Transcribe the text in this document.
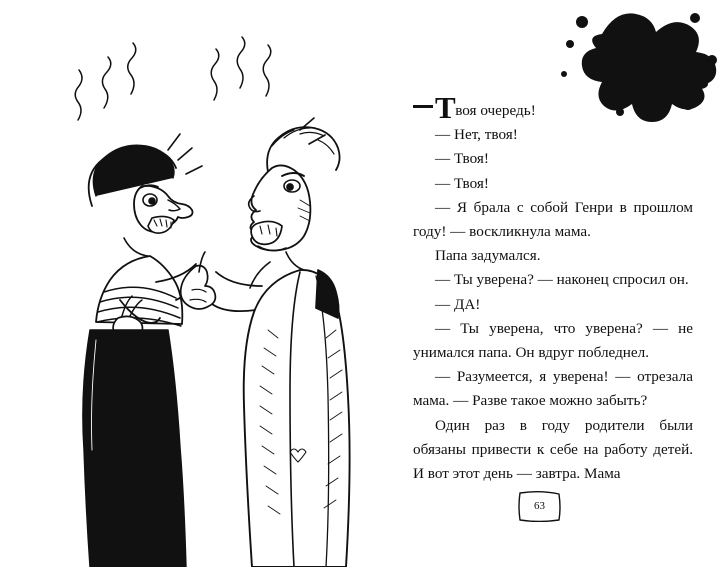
Твоя очередь!

— Нет, твоя!

— Твоя!

— Твоя!

— Я брала с собой Генри в прошлом году! — воскликнула мама.

Папа задумался.

— Ты уверена? — наконец спросил он.

— ДА!

— Ты уверена, что уверена? — не унимался папа. Он вдруг побледнел.

— Разумеется, я уверена! — отрезала мама. — Разве такое можно забыть?

Один раз в году родители были обязаны привести к себе на работу детей. И вот этот день — завтра. Мама

63
